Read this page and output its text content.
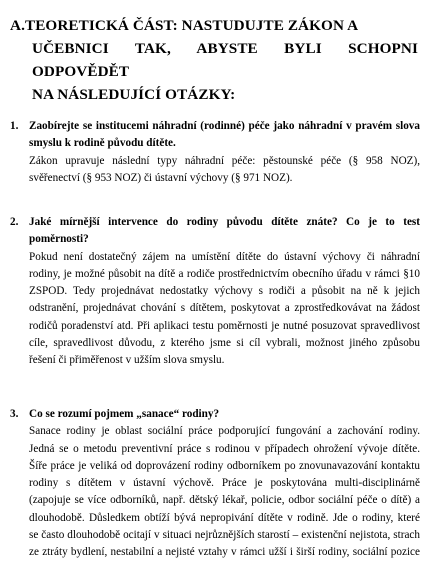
A.TEORETICKÁ ČÁST: NASTUDUJTE ZÁKON A
UČEBNICI TAK, ABYSTE BYLI SCHOPNI ODPOVĚDĚT
NA NÁSLEDUJÍCÍ OTÁZKY:
1. Zaobírejte se institucemi náhradní (rodinné) péče jako náhradní v pravém slova
smyslu k rodině původu dítěte.
Zákon upravuje následní typy náhradní péče: pěstounské péče (§ 958 NOZ),
svěřenectví (§ 953 NOZ) či ústavní výchovy (§ 971 NOZ).
2. Jaké mírnější intervence do rodiny původu dítěte znáte? Co je to test
poměrnosti?
Pokud není dostatečný zájem na umístění dítěte do ústavní výchovy či náhradní
rodiny, je možné působit na dítě a rodiče prostřednictvím obecního úřadu v rámci §10
ZSPOD. Tedy projednávat nedostatky výchovy s rodiči a působit na ně k jejich
odstranění, projednávat chování s dítětem, poskytovat a zprostředkovávat na žádost
rodičů poradenství atd. Při aplikaci testu poměrnosti je nutné posuzovat spravedlivost
cíle, spravedlivost důvodu, z kterého jsme si cíl vybrali, možnost jiného způsobu
řešení či přiměřenost v užším slova smyslu.
3. Co se rozumí pojmem „sanace“ rodiny?
Sanace rodiny je oblast sociální práce podporující fungování a zachování rodiny.
Jedná se o metodu preventivní práce s rodinou v případech ohrožení vývoje dítěte.
Šíře práce je veliká od doprovázení rodiny odborníkem po znovunavazování kontaktu
rodiny s dítětem v ústavní výchově. Práce je poskytována multi-disciplinárně
(zapojuje se více odborníků, např. dětský lékař, policie, odbor sociální péče o dítě) a
dlouhodobě. Důsledkem obtíží bývá nepropivání dítěte v rodině. Jde o rodiny, které
se často dlouhodobě ocitají v situaci nejrůznějších starostí – existenční nejistota, strach
ze ztráty bydlení, nestabilní a nejisté vztahy v rámci užší i širší rodiny, sociální pozice
